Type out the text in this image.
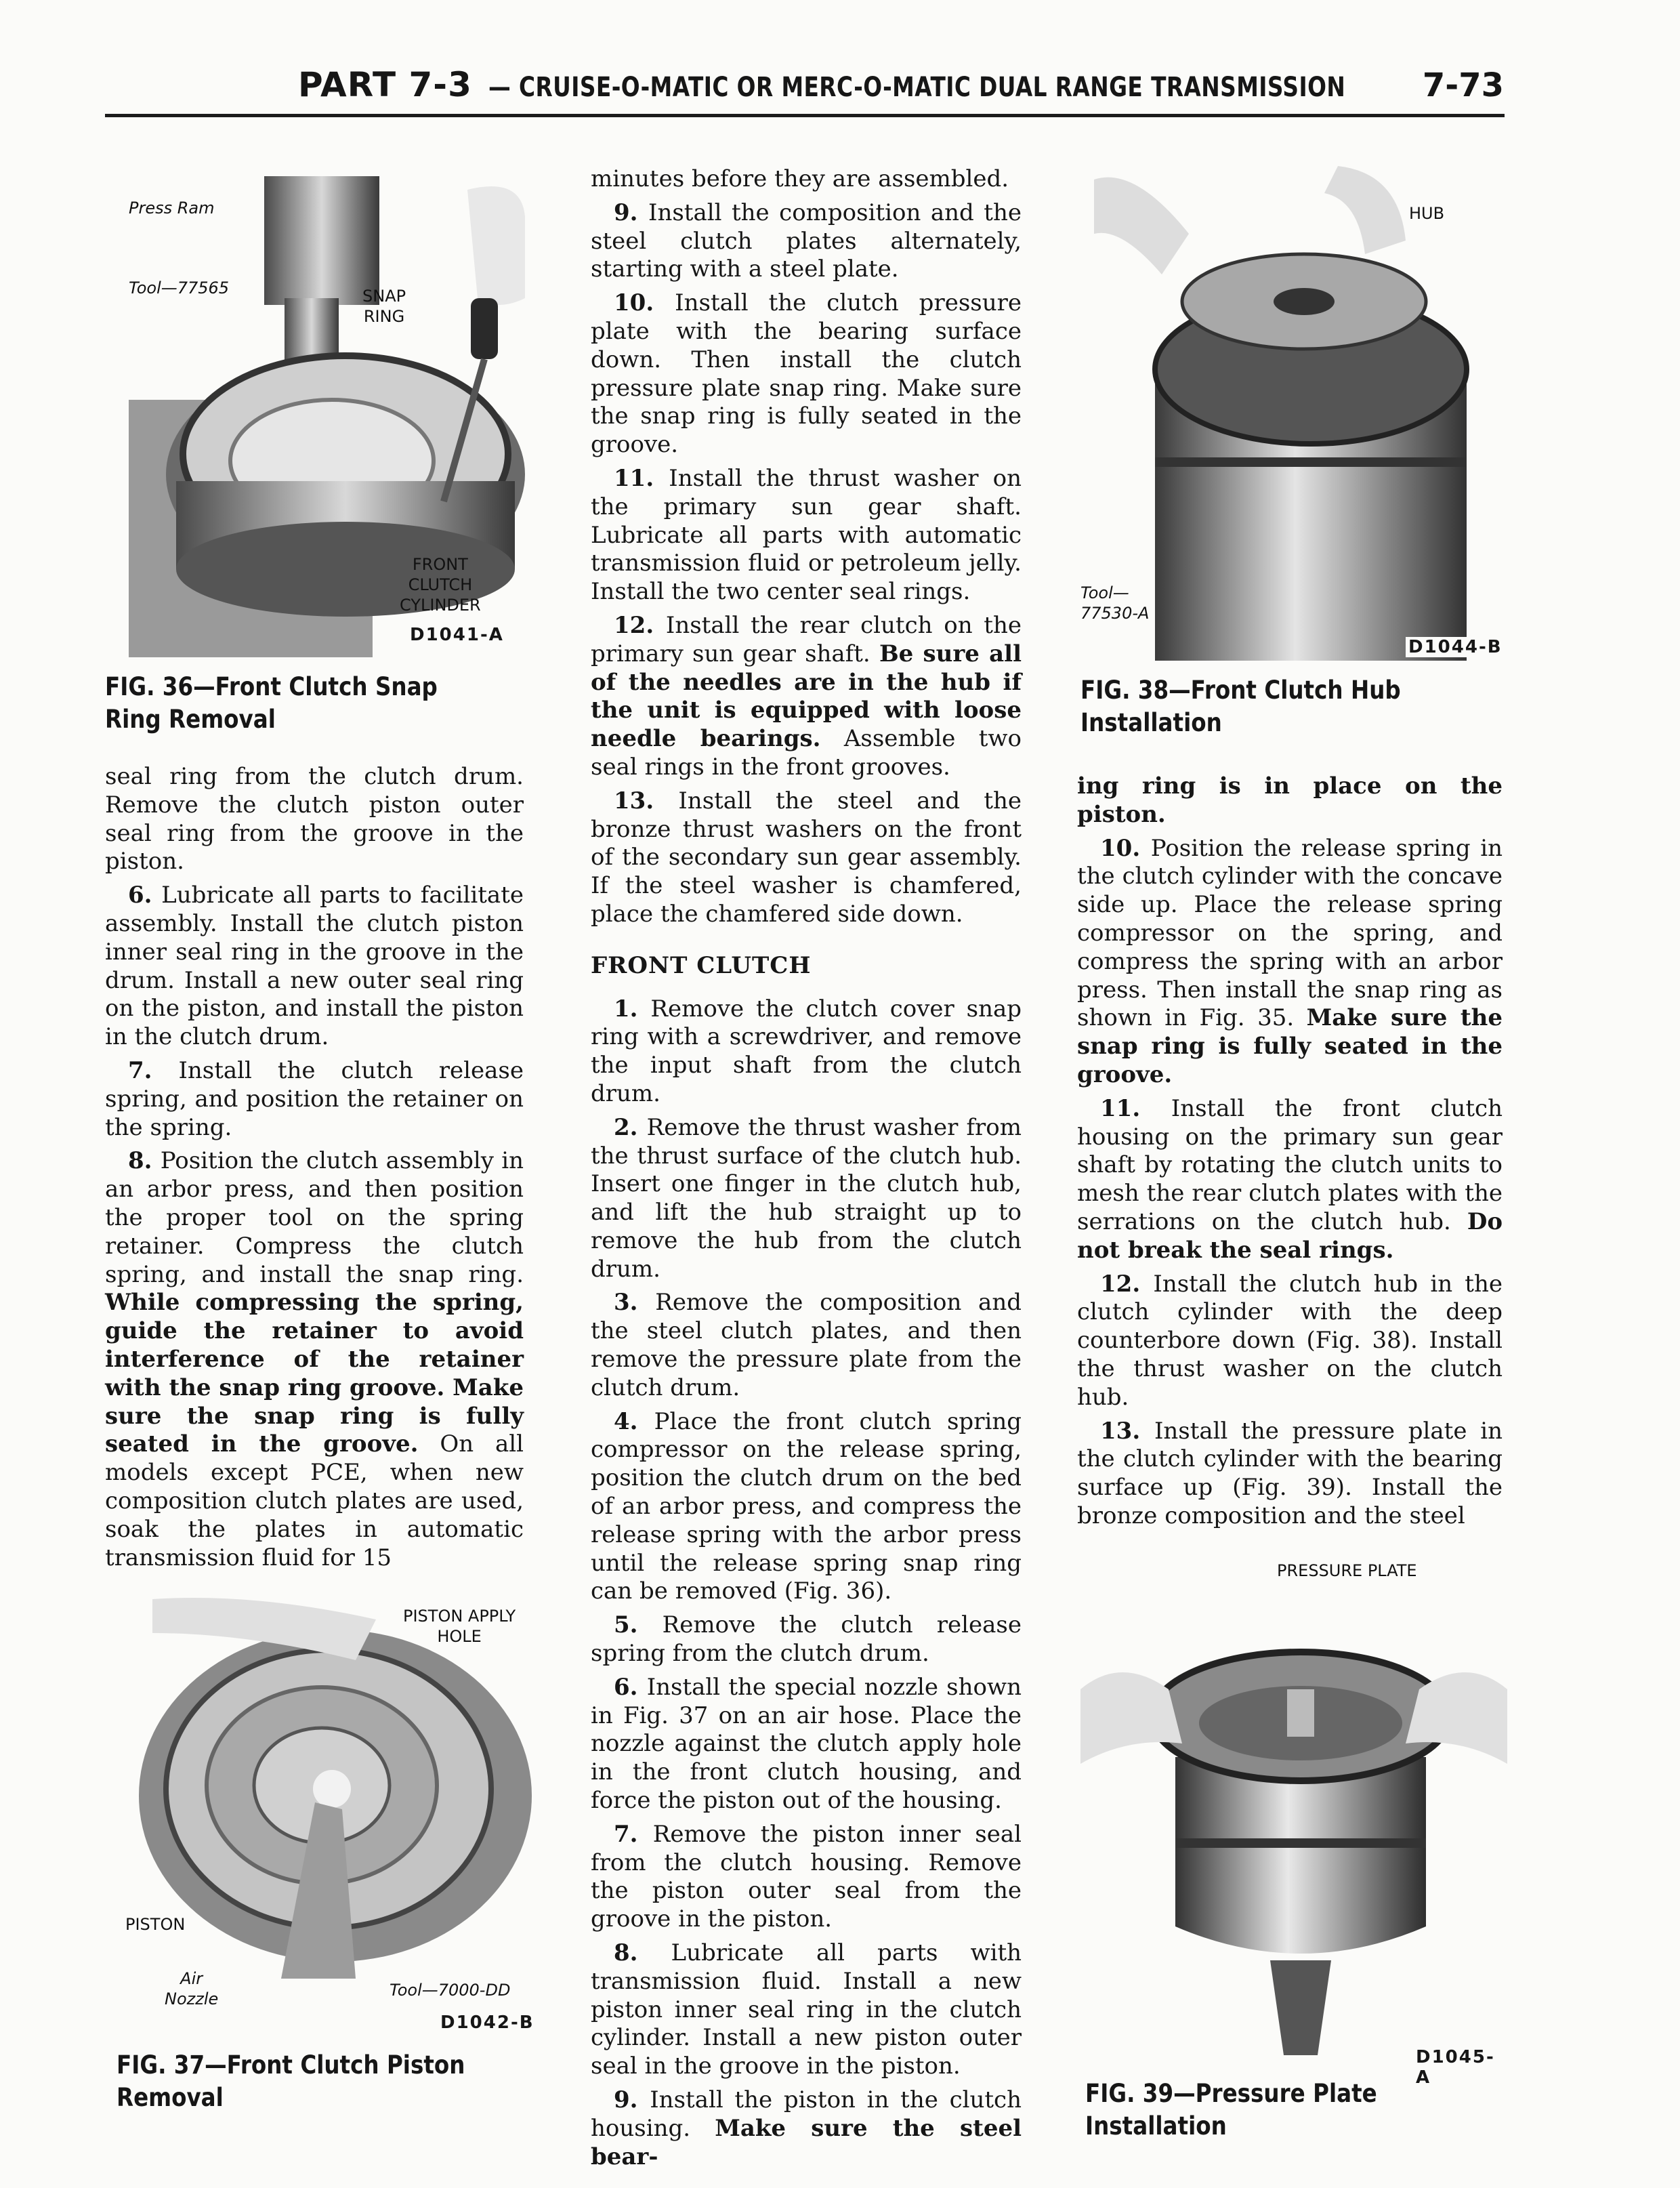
PART 7-3 — CRUISE-O-MATIC OR MERC-O-MATIC DUAL RANGE TRANSMISSION 7-73
Press Ram
Tool—77565	SNAP
RING
FRONT
CLUTCH
CYLINDER
D1041-A
FIG. 36—Front Clutch Snap
Ring Removal

seal ring from the clutch drum. Remove the clutch piston outer seal ring from the groove in the piston.

6. Lubricate all parts to facilitate assembly. Install the clutch piston inner seal ring in the groove in the drum. Install a new outer seal ring on the piston, and install the piston in the clutch drum.

7. Install the clutch release spring, and position the retainer on the spring.

8. Position the clutch assembly in an arbor press, and then position the proper tool on the spring retainer. Compress the clutch spring, and install the snap ring. While compressing the spring, guide the retainer to avoid interference of the retainer with the snap ring groove. Make sure the snap ring is fully seated in the groove. On all models except PCE, when new composition clutch plates are used, soak the plates in automatic transmission fluid for 15

PISTON APPLY
HOLE
PISTON
Air
Nozzle	Tool—7000-DD
D1042-B
FIG. 37—Front Clutch Piston
Removal
HUB
Tool—
77530-A
D1044-B
FIG. 38—Front Clutch Hub
Installation

ing ring is in place on the piston.

10. Position the release spring in the clutch cylinder with the concave side up. Place the release spring compressor on the spring, and compress the spring with an arbor press. Then install the snap ring as shown in Fig. 35. Make sure the snap ring is fully seated in the groove.

11. Install the front clutch housing on the primary sun gear shaft by rotating the clutch units to mesh the rear clutch plates with the serrations on the clutch hub. Do not break the seal rings.

12. Install the clutch hub in the clutch cylinder with the deep counterbore down (Fig. 38). Install the thrust washer on the clutch hub.

13. Install the pressure plate in the clutch cylinder with the bearing surface up (Fig. 39). Install the bronze composition and the steel

PRESSURE PLATE
D1045-A
FIG. 39—Pressure Plate
Installation

minutes before they are assembled.

9. Install the composition and the steel clutch plates alternately, starting with a steel plate.

10. Install the clutch pressure plate with the bearing surface down. Then install the clutch pressure plate snap ring. Make sure the snap ring is fully seated in the groove.

11. Install the thrust washer on the primary sun gear shaft. Lubricate all parts with automatic transmission fluid or petroleum jelly. Install the two center seal rings.

12. Install the rear clutch on the primary sun gear shaft. Be sure all of the needles are in the hub if the unit is equipped with loose needle bearings. Assemble two seal rings in the front grooves.

13. Install the steel and the bronze thrust washers on the front of the secondary sun gear assembly. If the steel washer is chamfered, place the chamfered side down.

FRONT CLUTCH

1. Remove the clutch cover snap ring with a screwdriver, and remove the input shaft from the clutch drum.

2. Remove the thrust washer from the thrust surface of the clutch hub. Insert one finger in the clutch hub, and lift the hub straight up to remove the hub from the clutch drum.

3. Remove the composition and the steel clutch plates, and then remove the pressure plate from the clutch drum.

4. Place the front clutch spring compressor on the release spring, position the clutch drum on the bed of an arbor press, and compress the release spring with the arbor press until the release spring snap ring can be removed (Fig. 36).

5. Remove the clutch release spring from the clutch drum.

6. Install the special nozzle shown in Fig. 37 on an air hose. Place the nozzle against the clutch apply hole in the front clutch housing, and force the piston out of the housing.

7. Remove the piston inner seal from the clutch housing. Remove the piston outer seal from the groove in the piston.

8. Lubricate all parts with transmission fluid. Install a new piston inner seal ring in the clutch cylinder. Install a new piston outer seal in the groove in the piston.

9. Install the piston in the clutch housing. Make sure the steel bear-
